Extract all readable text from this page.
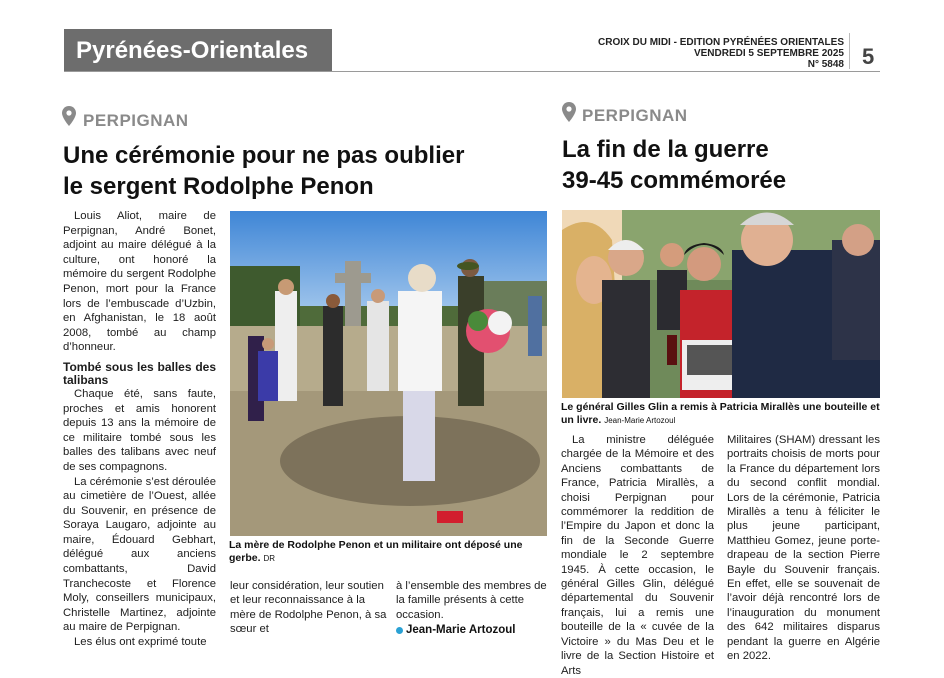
Pyrénées-Orientales	CROIX DU MIDI - EDITION PYRÉNÉES ORIENTALES
VENDREDI 5 SEPTEMBRE 2025
N° 5848 5
PERPIGNAN
Une cérémonie pour ne pas oublier
le sergent Rodolphe Penon

Louis Aliot, maire de Perpignan, André Bonet, adjoint au maire délégué à la culture, ont honoré la mémoire du sergent Rodolphe Penon, mort pour la France lors de l’embuscade d’Uzbin, en Afghanistan, le 18 août 2008, tombé au champ d’honneur.

Tombé sous les balles des talibans

Chaque été, sans faute, proches et amis honorent depuis 13 ans la mémoire de ce militaire tombé sous les balles des talibans avec neuf de ses compagnons.

La cérémonie s’est déroulée au cimetière de l’Ouest, allée du Souvenir, en présence de Soraya Laugaro, adjointe au maire, Édouard Gebhart, délégué aux anciens combattants, David Tranchecoste et Florence Moly, conseillers municipaux, Christelle Martinez, adjointe au maire de Perpignan.

Les élus ont exprimé toute

La mère de Rodolphe Penon et un militaire ont déposé une gerbe. DR

leur considération, leur soutien et leur reconnaissance à la mère de Rodolphe Penon, à sa sœur et

à l’ensemble des membres de la famille présents à cette occasion.

Jean-Marie Artozoul
PERPIGNAN
La fin de la guerre
39-45 commémorée
Le général Gilles Glin a remis à Patricia Mirallès une bouteille et un livre. Jean-Marie Artozoul

La ministre déléguée chargée de la Mémoire et des Anciens combattants de France, Patricia Mirallès, a choisi Perpignan pour commémorer la reddition de l’Empire du Japon et donc la fin de la Seconde Guerre mondiale le 2 septembre 1945. À cette occasion, le général Gilles Glin, délégué départemental du Souvenir français, lui a remis une bouteille de la « cuvée de la Victoire » du Mas Deu et le livre de la Section Histoire et Arts

Militaires (SHAM) dressant les portraits choisis de morts pour la France du département lors du second conflit mondial. Lors de la cérémonie, Patricia Mirallès a tenu à féliciter le plus jeune participant, Matthieu Gomez, jeune porte-drapeau de la section Pierre Bayle du Souvenir français. En effet, elle se souvenait de l’avoir déjà rencontré lors de l’inauguration du monument des 642 militaires disparus pendant la guerre en Algérie en 2022.
